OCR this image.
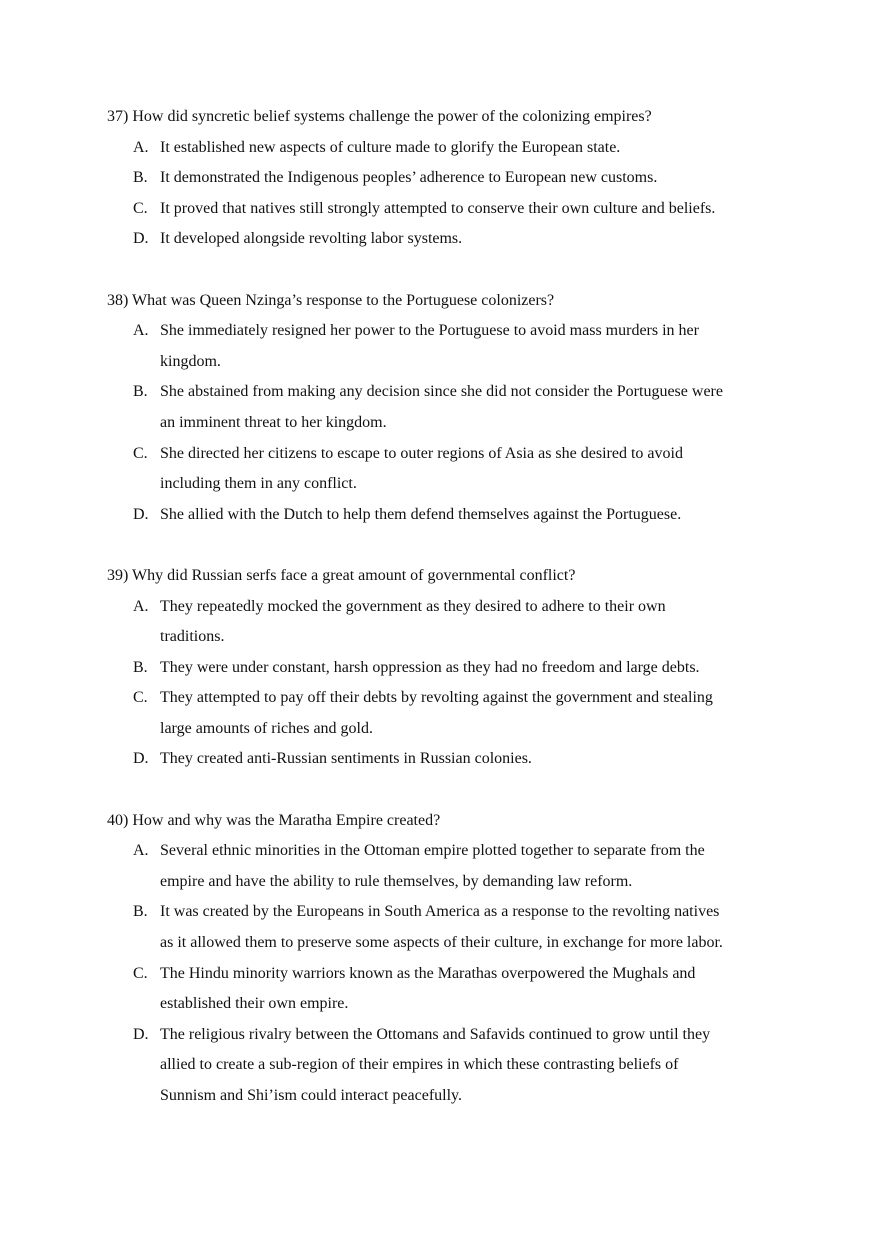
37) How did syncretic belief systems challenge the power of the colonizing empires?
A. It established new aspects of culture made to glorify the European state.
B. It demonstrated the Indigenous peoples’ adherence to European new customs.
C. It proved that natives still strongly attempted to conserve their own culture and beliefs.
D. It developed alongside revolting labor systems.
38) What was Queen Nzinga’s response to the Portuguese colonizers?
A. She immediately resigned her power to the Portuguese to avoid mass murders in her
kingdom.
B. She abstained from making any decision since she did not consider the Portuguese were
an imminent threat to her kingdom.
C. She directed her citizens to escape to outer regions of Asia as she desired to avoid
including them in any conflict.
D. She allied with the Dutch to help them defend themselves against the Portuguese.
39) Why did Russian serfs face a great amount of governmental conflict?
A. They repeatedly mocked the government as they desired to adhere to their own
traditions.
B. They were under constant, harsh oppression as they had no freedom and large debts.
C. They attempted to pay off their debts by revolting against the government and stealing
large amounts of riches and gold.
D. They created anti-Russian sentiments in Russian colonies.
40) How and why was the Maratha Empire created?
A. Several ethnic minorities in the Ottoman empire plotted together to separate from the
empire and have the ability to rule themselves, by demanding law reform.
B. It was created by the Europeans in South America as a response to the revolting natives
as it allowed them to preserve some aspects of their culture, in exchange for more labor.
C. The Hindu minority warriors known as the Marathas overpowered the Mughals and
established their own empire.
D. The religious rivalry between the Ottomans and Safavids continued to grow until they
allied to create a sub-region of their empires in which these contrasting beliefs of
Sunnism and Shi’ism could interact peacefully.
